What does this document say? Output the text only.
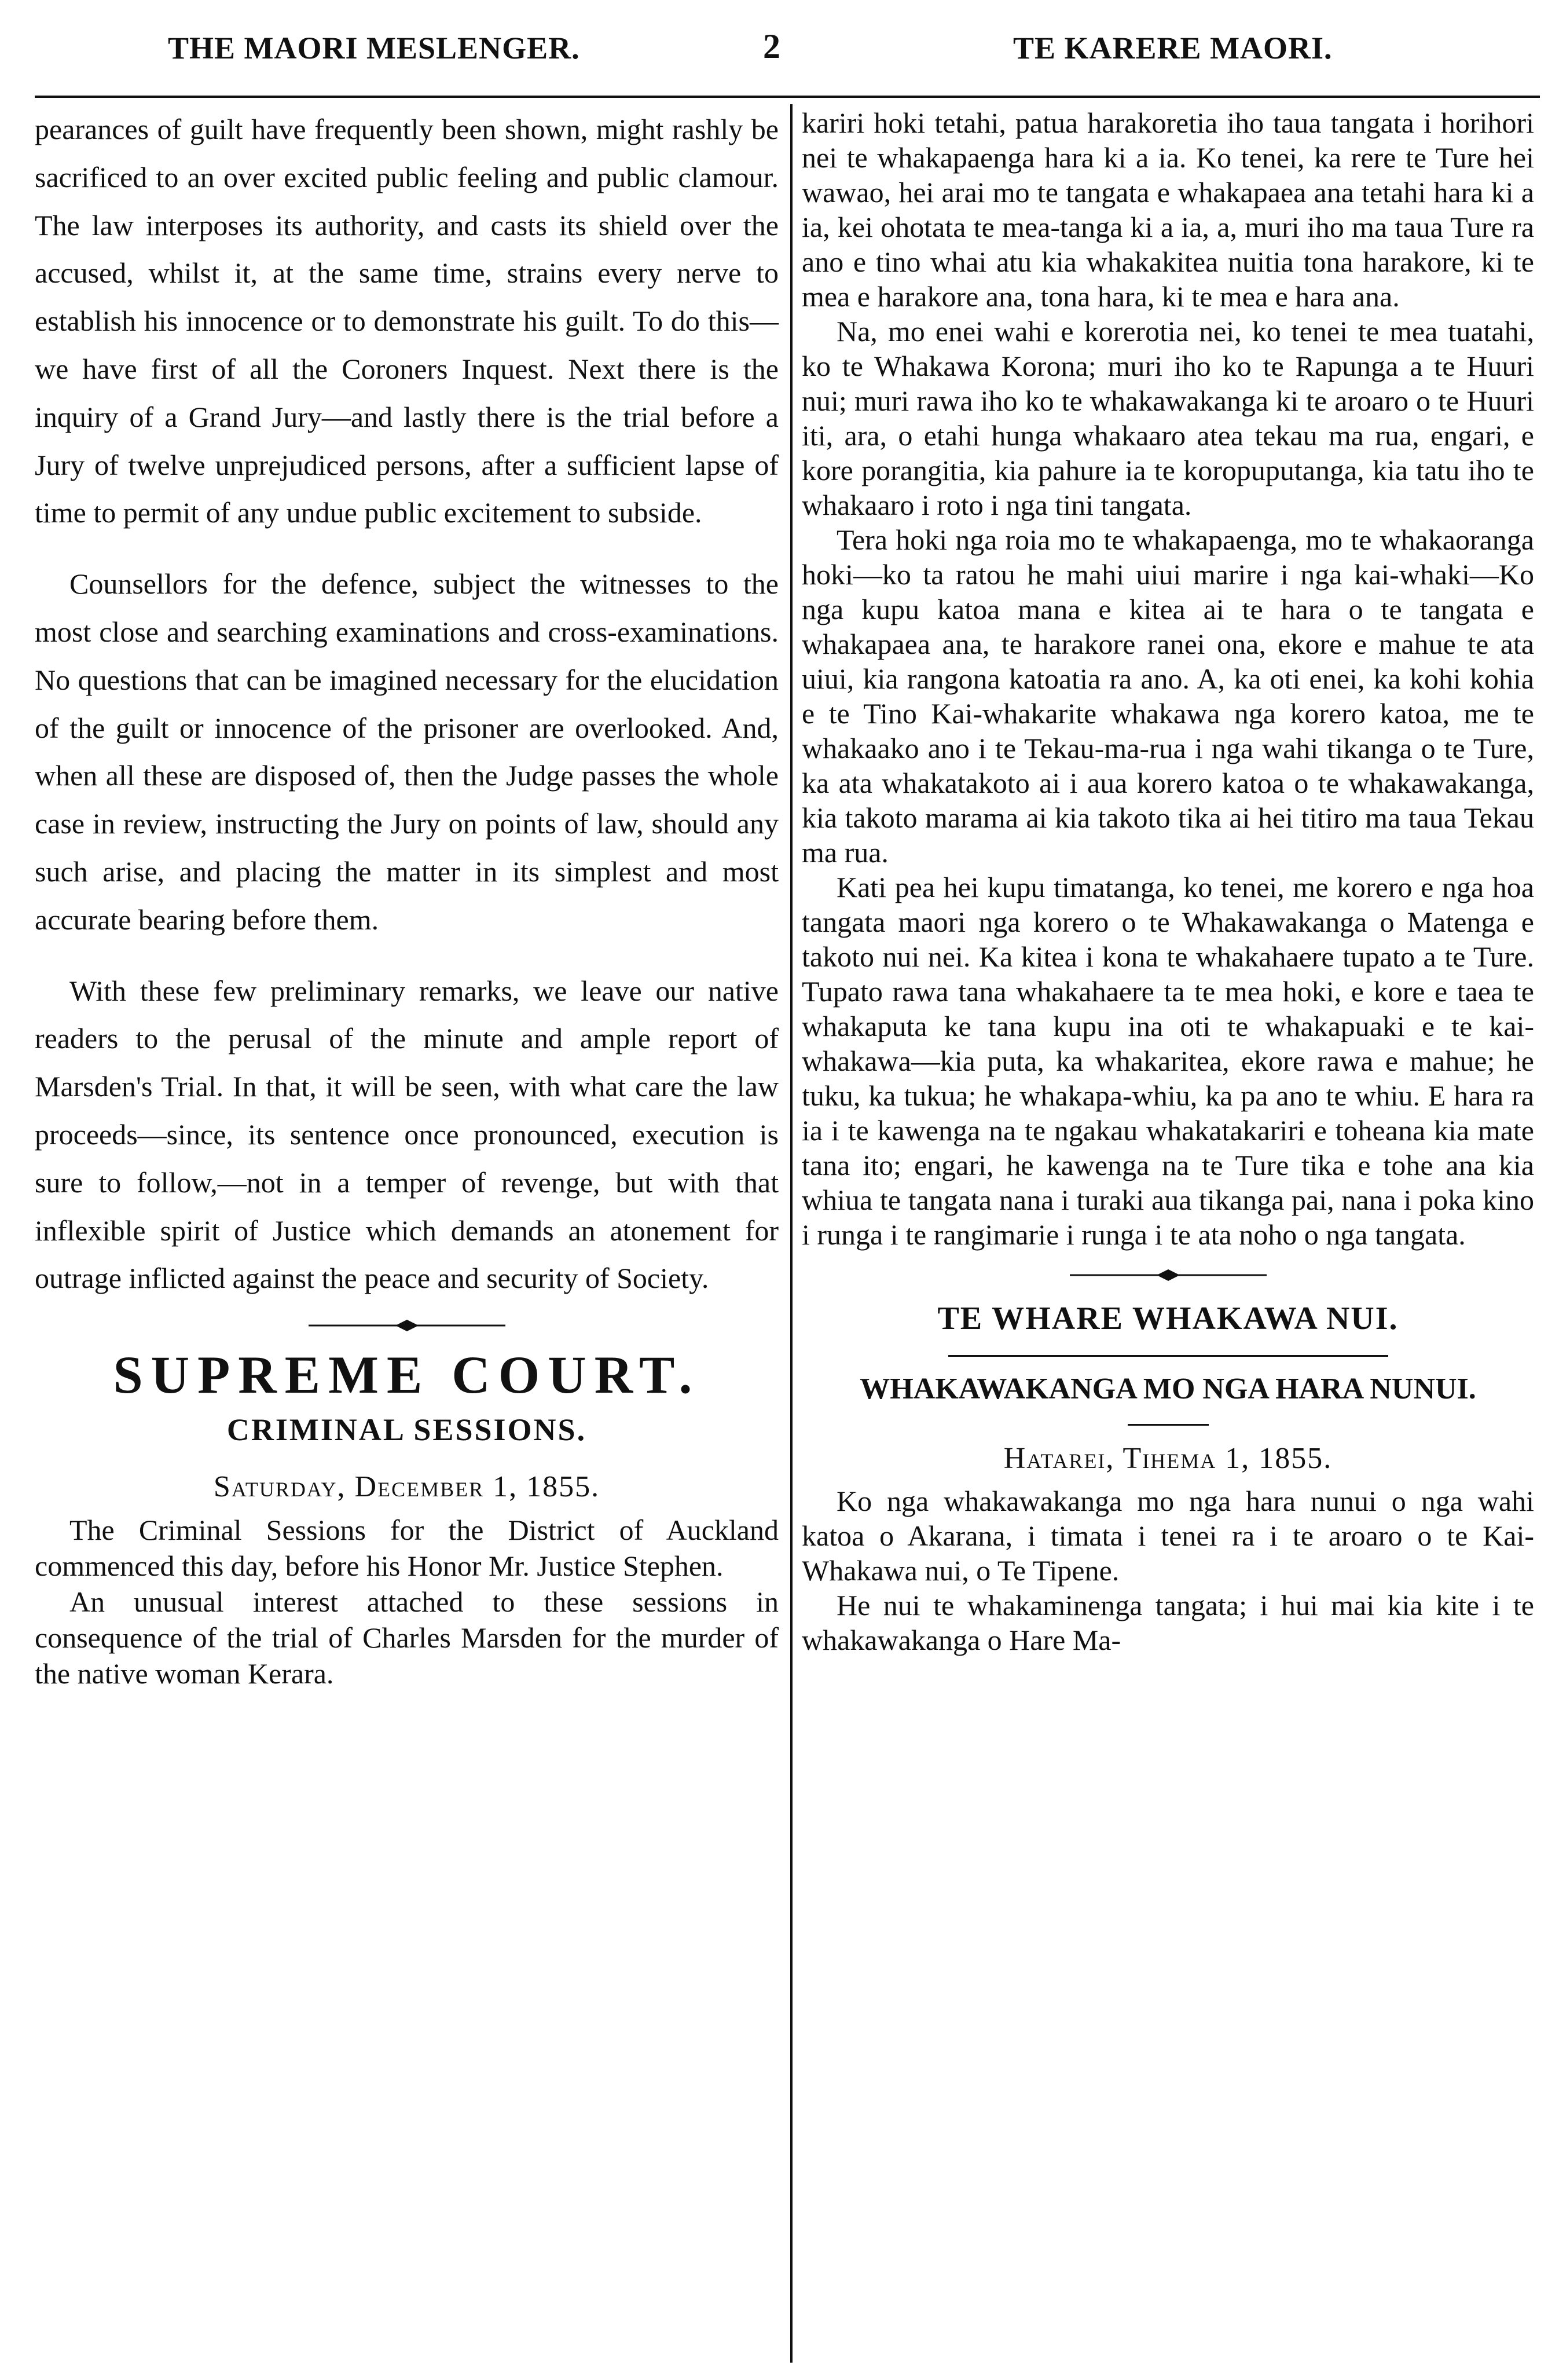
THE MAORI MESLENGER.	2	TE KARERE MAORI.

pearances of guilt have frequently been shown, might rashly be sacrificed to an over excited public feeling and public clamour. The law interposes its authority, and casts its shield over the accused, whilst it, at the same time, strains every nerve to establish his innocence or to demonstrate his guilt. To do this—we have first of all the Coroners Inquest. Next there is the inquiry of a Grand Jury—and lastly there is the trial before a Jury of twelve unprejudiced persons, after a sufficient lapse of time to permit of any undue public excitement to subside.

Counsellors for the defence, subject the witnesses to the most close and searching examinations and cross-examinations. No questions that can be imagined necessary for the elucidation of the guilt or innocence of the prisoner are overlooked. And, when all these are disposed of, then the Judge passes the whole case in review, instructing the Jury on points of law, should any such arise, and placing the matter in its simplest and most accurate bearing before them.

With these few preliminary remarks, we leave our native readers to the perusal of the minute and ample report of Marsden's Trial. In that, it will be seen, with what care the law proceeds—since, its sentence once pronounced, execution is sure to follow,—not in a temper of revenge, but with that inflexible spirit of Justice which demands an atonement for outrage inflicted against the peace and security of Society.

SUPREME COURT.

CRIMINAL SESSIONS.

Saturday, December 1, 1855.

The Criminal Sessions for the District of Auckland commenced this day, before his Honor Mr. Justice Stephen.

An unusual interest attached to these sessions in consequence of the trial of Charles Marsden for the murder of the native woman Kerara.

kariri hoki tetahi, patua harakoretia iho taua tangata i horihori nei te whakapaenga hara ki a ia. Ko tenei, ka rere te Ture hei wawao, hei arai mo te tangata e whakapaea ana tetahi hara ki a ia, kei ohotata te mea-tanga ki a ia, a, muri iho ma taua Ture ra ano e tino whai atu kia whakakitea nuitia tona harakore, ki te mea e harakore ana, tona hara, ki te mea e hara ana.

Na, mo enei wahi e korerotia nei, ko tenei te mea tuatahi, ko te Whakawa Korona; muri iho ko te Rapunga a te Huuri nui; muri rawa iho ko te whakawakanga ki te aroaro o te Huuri iti, ara, o etahi hunga whakaaro atea tekau ma rua, engari, e kore porangitia, kia pahure ia te koropuputanga, kia tatu iho te whakaaro i roto i nga tini tangata.

Tera hoki nga roia mo te whakapaenga, mo te whakaoranga hoki—ko ta ratou he mahi uiui marire i nga kai-whaki—Ko nga kupu katoa mana e kitea ai te hara o te tangata e whakapaea ana, te harakore ranei ona, ekore e mahue te ata uiui, kia rangona katoatia ra ano. A, ka oti enei, ka kohi kohia e te Tino Kai-whakarite whakawa nga korero katoa, me te whakaako ano i te Tekau-ma-rua i nga wahi tikanga o te Ture, ka ata whakatakoto ai i aua korero katoa o te whakawakanga, kia takoto marama ai kia takoto tika ai hei titiro ma taua Tekau ma rua.

Kati pea hei kupu timatanga, ko tenei, me korero e nga hoa tangata maori nga korero o te Whakawakanga o Matenga e takoto nui nei. Ka kitea i kona te whakahaere tupato a te Ture. Tupato rawa tana whakahaere ta te mea hoki, e kore e taea te whakaputa ke tana kupu ina oti te whakapuaki e te kai-whakawa—kia puta, ka whakaritea, ekore rawa e mahue; he tuku, ka tukua; he whakapa-whiu, ka pa ano te whiu. E hara ra ia i te kawenga na te ngakau whakatakariri e toheana kia mate tana ito; engari, he kawenga na te Ture tika e tohe ana kia whiua te tangata nana i turaki aua tikanga pai, nana i poka kino i runga i te rangimarie i runga i te ata noho o nga tangata.

TE WHARE WHAKAWA NUI.

WHAKAWAKANGA MO NGA HARA NUNUI.

Hatarei, Tihema 1, 1855.

Ko nga whakawakanga mo nga hara nunui o nga wahi katoa o Akarana, i timata i tenei ra i te aroaro o te Kai-Whakawa nui, o Te Tipene.

He nui te whakaminenga tangata; i hui mai kia kite i te whakawakanga o Hare Ma-
